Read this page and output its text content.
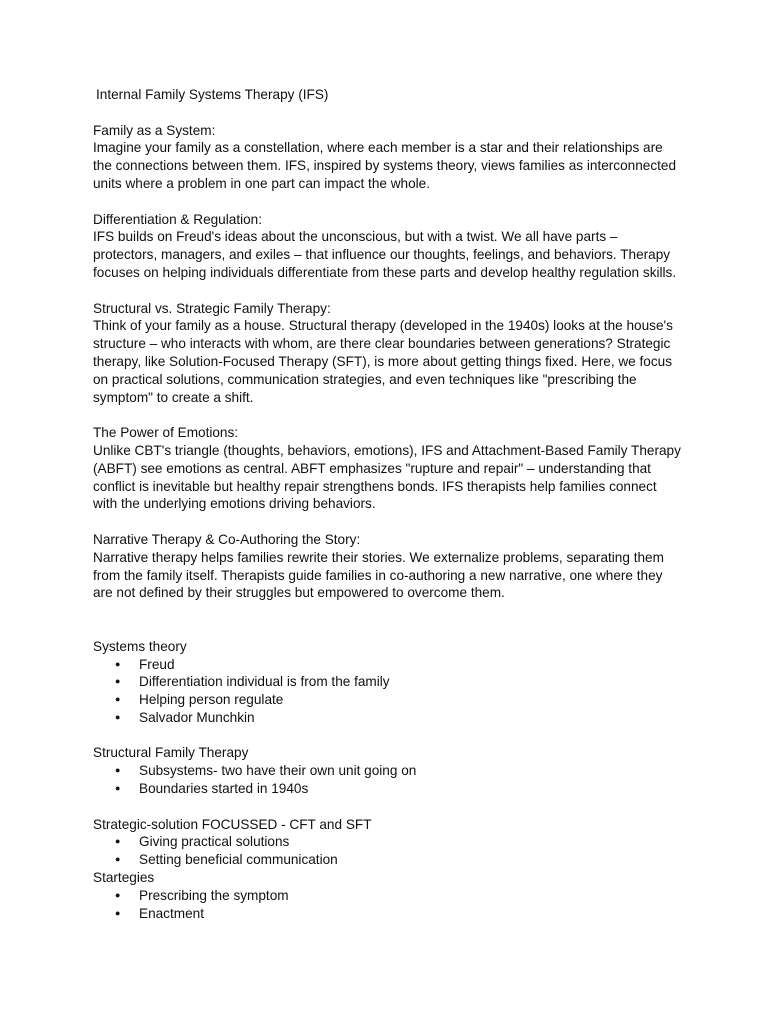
Internal Family Systems Therapy (IFS)
Family as a System:
Imagine your family as a constellation, where each member is a star and their relationships are the connections between them. IFS, inspired by systems theory, views families as interconnected units where a problem in one part can impact the whole.
Differentiation & Regulation:
IFS builds on Freud's ideas about the unconscious, but with a twist. We all have parts – protectors, managers, and exiles – that influence our thoughts, feelings, and behaviors. Therapy focuses on helping individuals differentiate from these parts and develop healthy regulation skills.
Structural vs. Strategic Family Therapy:
Think of your family as a house. Structural therapy (developed in the 1940s) looks at the house's structure – who interacts with whom, are there clear boundaries between generations? Strategic therapy, like Solution-Focused Therapy (SFT), is more about getting things fixed. Here, we focus on practical solutions, communication strategies, and even techniques like "prescribing the symptom" to create a shift.
The Power of Emotions:
Unlike CBT's triangle (thoughts, behaviors, emotions), IFS and Attachment-Based Family Therapy (ABFT) see emotions as central. ABFT emphasizes "rupture and repair" – understanding that conflict is inevitable but healthy repair strengthens bonds. IFS therapists help families connect with the underlying emotions driving behaviors.
Narrative Therapy & Co-Authoring the Story:
Narrative therapy helps families rewrite their stories. We externalize problems, separating them from the family itself. Therapists guide families in co-authoring a new narrative, one where they are not defined by their struggles but empowered to overcome them.
Systems theory
● Freud
● Differentiation individual is from the family
● Helping person regulate
● Salvador Munchkin
Structural Family Therapy
● Subsystems- two have their own unit going on
● Boundaries started in 1940s
Strategic-solution FOCUSSED - CFT and SFT
● Giving practical solutions
● Setting beneficial communication
Startegies
● Prescribing the symptom
● Enactment
